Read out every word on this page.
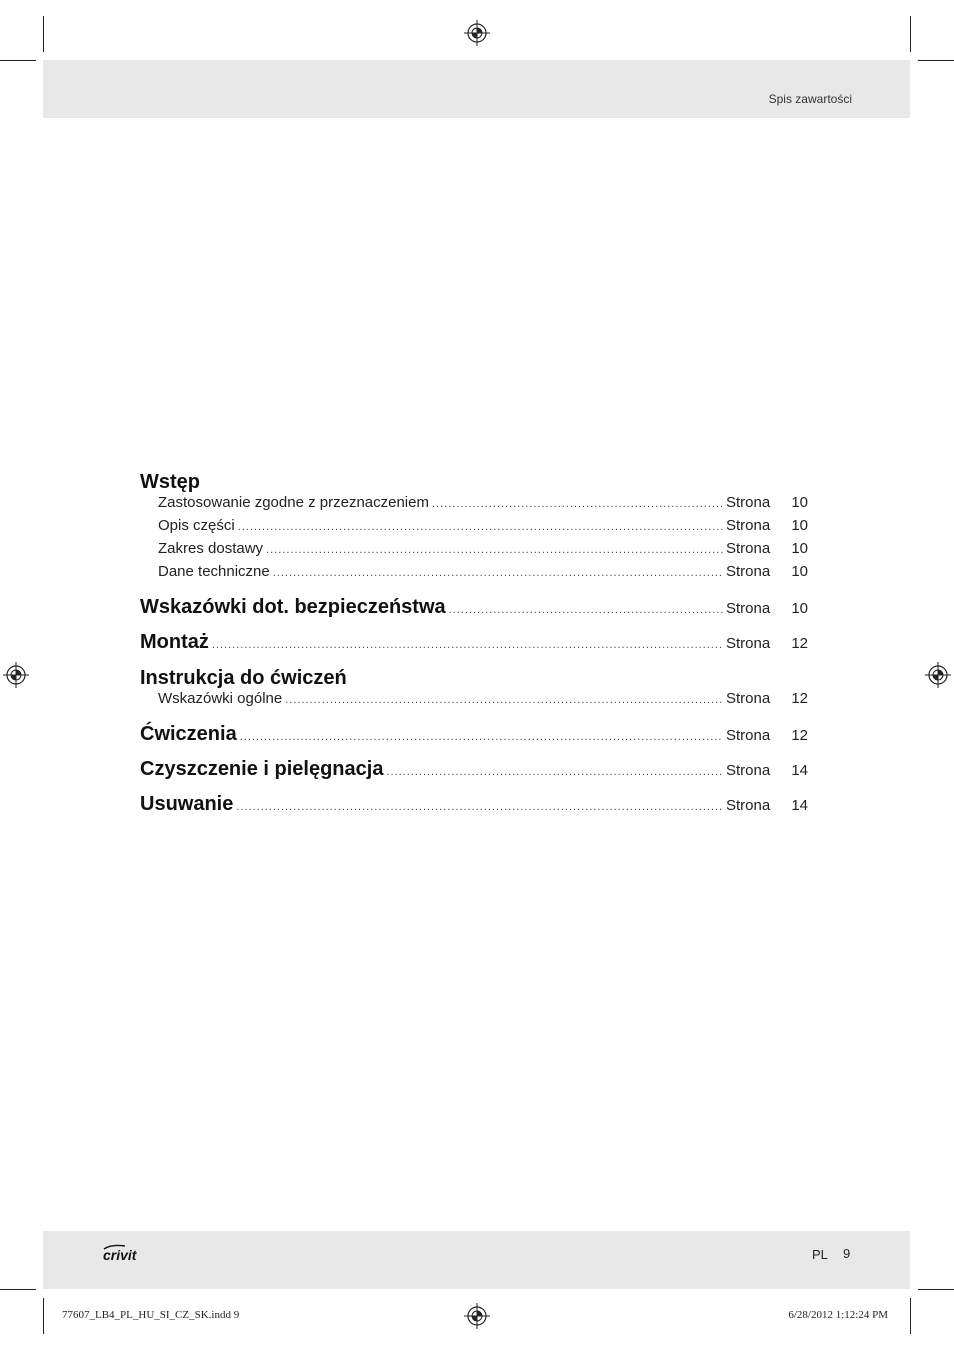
Spis zawartości
Wstęp
Zastosowanie zgodne z przeznaczeniem .....	Strona	10
Opis części .....	Strona	10
Zakres dostawy .....	Strona	10
Dane techniczne .....	Strona	10
Wskazówki dot. bezpieczeństwa .....	Strona	10
Montaż .....	Strona	12
Instrukcja do ćwiczeń
Wskazówki ogólne .....	Strona	12
Ćwiczenia .....	Strona	12
Czyszczenie i pielęgnacja .....	Strona	14
Usuwanie .....	Strona	14
crivit	PL 9
77607_LB4_PL_HU_SI_CZ_SK.indd 9	6/28/2012 1:12:24 PM
